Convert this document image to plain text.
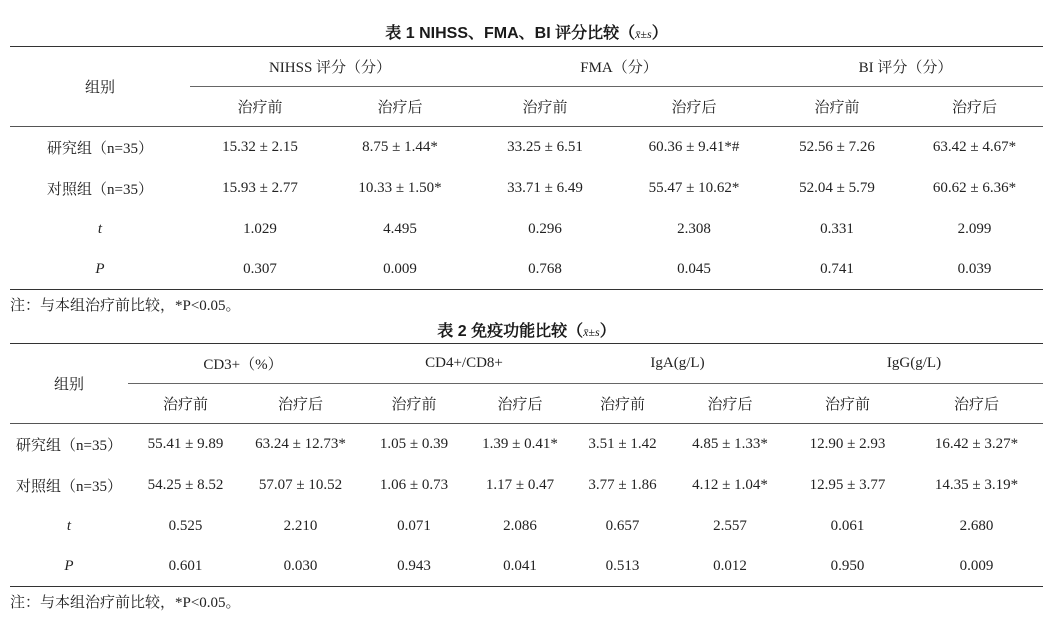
表 1 NIHSS、FMA、BI 评分比较（x̄±s）
组别	NIHSS 评分（分）		FMA（分）		BI 评分（分）	
	治疗前	治疗后	治疗前	治疗后	治疗前	治疗后
研究组（n=35）	15.32 ± 2.15	8.75 ± 1.44*	33.25 ± 6.51	60.36 ± 9.41*#	52.56 ± 7.26	63.42 ± 4.67*
对照组（n=35）	15.93 ± 2.77	10.33 ± 1.50*	33.71 ± 6.49	55.47 ± 10.62*	52.04 ± 5.79	60.62 ± 6.36*
t	1.029	4.495	0.296	2.308	0.331	2.099
P	0.307	0.009	0.768	0.045	0.741	0.039
注：与本组治疗前比较，*P<0.05。
表 2 免疫功能比较（x̄±s）
组别	CD3+（%）		CD4+/CD8+		IgA(g/L)		IgG(g/L)	
	治疗前	治疗后	治疗前	治疗后	治疗前	治疗后	治疗前	治疗后
研究组（n=35）	55.41 ± 9.89	63.24 ± 12.73*	1.05 ± 0.39	1.39 ± 0.41*	3.51 ± 1.42	4.85 ± 1.33*	12.90 ± 2.93	16.42 ± 3.27*
对照组（n=35）	54.25 ± 8.52	57.07 ± 10.52	1.06 ± 0.73	1.17 ± 0.47	3.77 ± 1.86	4.12 ± 1.04*	12.95 ± 3.77	14.35 ± 3.19*
t	0.525	2.210	0.071	2.086	0.657	2.557	0.061	2.680
P	0.601	0.030	0.943	0.041	0.513	0.012	0.950	0.009
注：与本组治疗前比较，*P<0.05。
